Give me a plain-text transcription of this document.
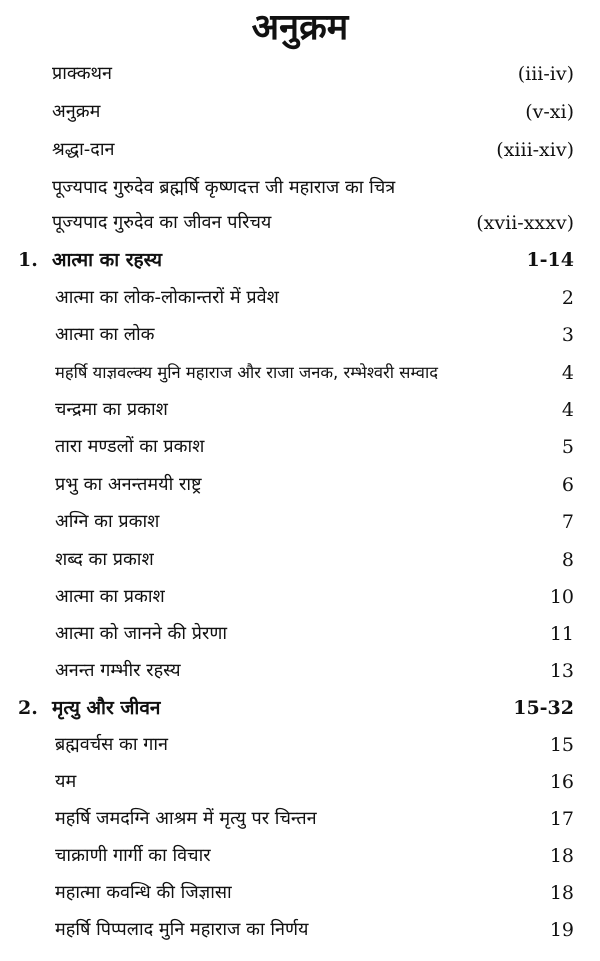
अनुक्रम
प्राक्कथन	(iii-iv)
अनुक्रम	(v-xi)
श्रद्धा-दान	(xiii-xiv)
पूज्यपाद गुरुदेव ब्रह्मर्षि कृष्णदत्त जी महाराज का चित्र
पूज्यपाद गुरुदेव का जीवन परिचय	(xvii-xxxv)
1. आत्मा का रहस्य	1-14
आत्मा का लोक-लोकान्तरों में प्रवेश	2
आत्मा का लोक	3
महर्षि याज्ञवल्क्य मुनि महाराज और राजा जनक, रम्भेश्वरी सम्वाद	4
चन्द्रमा का प्रकाश	4
तारा मण्डलों का प्रकाश	5
प्रभु का अनन्तमयी राष्ट्र	6
अग्नि का प्रकाश	7
शब्द का प्रकाश	8
आत्मा का प्रकाश	10
आत्मा को जानने की प्रेरणा	11
अनन्त गम्भीर रहस्य	13
2. मृत्यु और जीवन	15-32
ब्रह्मवर्चस का गान	15
यम	16
महर्षि जमदग्नि आश्रम में मृत्यु पर चिन्तन	17
चाक्राणी गार्गी का विचार	18
महात्मा कवन्धि की जिज्ञासा	18
महर्षि पिप्पलाद मुनि महाराज का निर्णय	19
